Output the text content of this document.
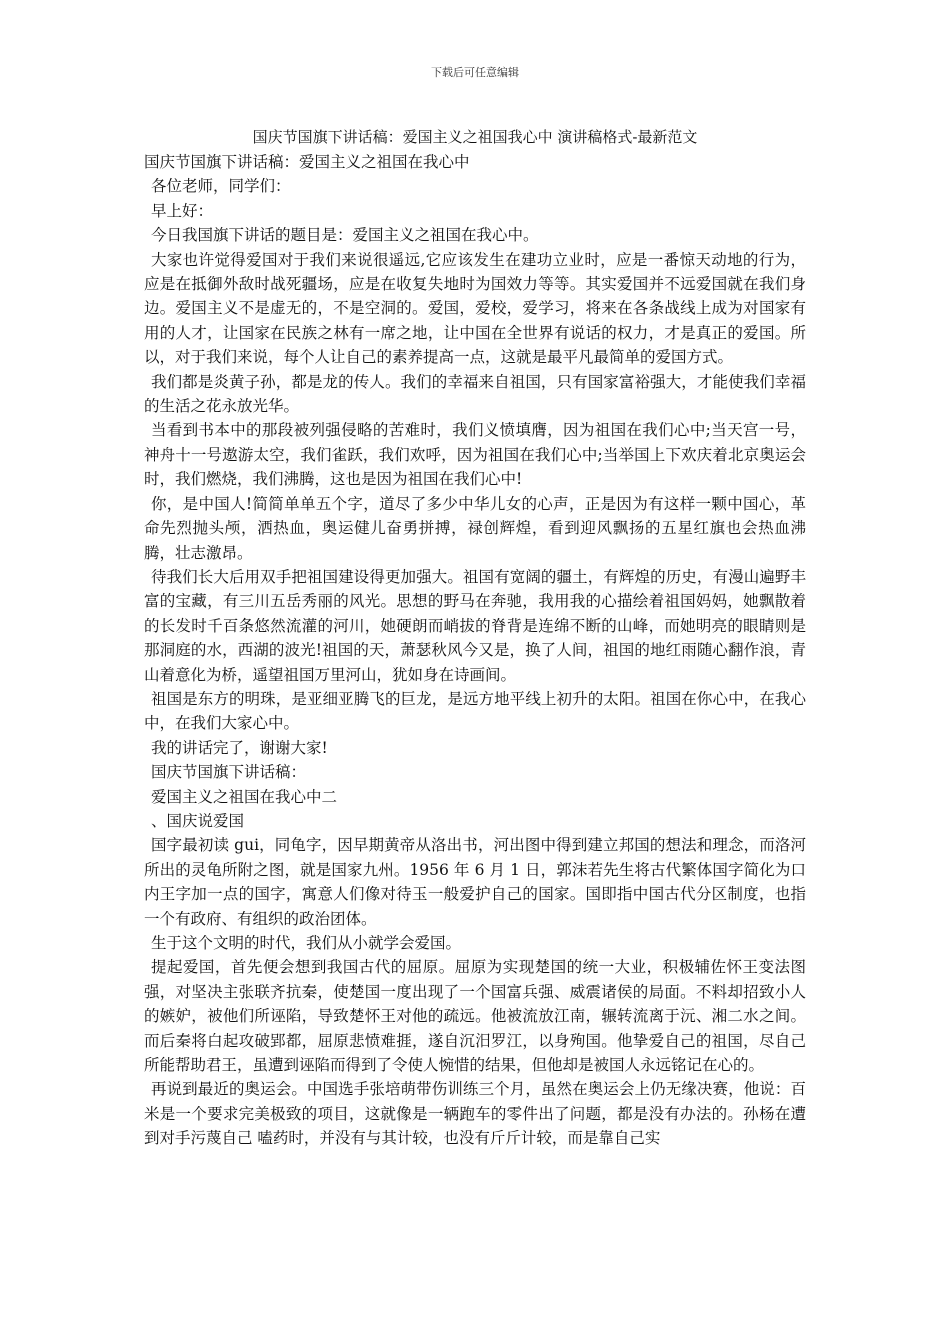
下载后可任意编辑
国庆节国旗下讲话稿：爱国主义之祖国我心中 演讲稿格式-最新范文

国庆节国旗下讲话稿：爱国主义之祖国在我心中

各位老师，同学们：

早上好：

今日我国旗下讲话的题目是：爱国主义之祖国在我心中。

大家也许觉得爱国对于我们来说很遥远,它应该发生在建功立业时，应是一番惊天动地的行为，应是在抵御外敌时战死疆场，应是在收复失地时为国效力等等。其实爱国并不远爱国就在我们身边。爱国主义不是虚无的，不是空洞的。爱国，爱校，爱学习，将来在各条战线上成为对国家有用的人才，让国家在民族之林有一席之地，让中国在全世界有说话的权力，才是真正的爱国。所以，对于我们来说，每个人让自己的素养提高一点，这就是最平凡最简单的爱国方式。

我们都是炎黄子孙，都是龙的传人。我们的幸福来自祖国，只有国家富裕强大，才能使我们幸福的生活之花永放光华。

当看到书本中的那段被列强侵略的苦难时，我们义愤填膺，因为祖国在我们心中;当天宫一号，神舟十一号遨游太空，我们雀跃，我们欢呼，因为祖国在我们心中;当举国上下欢庆着北京奥运会时，我们燃烧，我们沸腾，这也是因为祖国在我们心中!

你，是中国人!简简单单五个字，道尽了多少中华儿女的心声，正是因为有这样一颗中国心，革命先烈抛头颅，洒热血，奥运健儿奋勇拼搏，禄创辉煌，看到迎风飘扬的五星红旗也会热血沸腾，壮志激昂。

待我们长大后用双手把祖国建设得更加强大。祖国有宽阔的疆土，有辉煌的历史，有漫山遍野丰富的宝藏，有三川五岳秀丽的风光。思想的野马在奔驰，我用我的心描绘着祖国妈妈，她飘散着的长发时千百条悠然流灌的河川，她硬朗而峭拔的脊背是连绵不断的山峰，而她明亮的眼睛则是那洞庭的水，西湖的波光!祖国的天，萧瑟秋风今又是，换了人间，祖国的地红雨随心翻作浪，青山着意化为桥，遥望祖国万里河山，犹如身在诗画间。

祖国是东方的明珠，是亚细亚腾飞的巨龙，是远方地平线上初升的太阳。祖国在你心中，在我心中，在我们大家心中。

我的讲话完了，谢谢大家!

国庆节国旗下讲话稿：

爱国主义之祖国在我心中二

、国庆说爱国

国字最初读 gui，同龟字，因早期黄帝从洛出书，河出图中得到建立邦国的想法和理念，而洛河所出的灵龟所附之图，就是国家九州。1956 年 6 月 1 日，郭沫若先生将古代繁体国字简化为口内王字加一点的国字，寓意人们像对待玉一般爱护自己的国家。国即指中国古代分区制度，也指一个有政府、有组织的政治团体。

生于这个文明的时代，我们从小就学会爱国。

提起爱国，首先便会想到我国古代的屈原。屈原为实现楚国的统一大业，积极辅佐怀王变法图强，对坚决主张联齐抗秦，使楚国一度出现了一个国富兵强、威震诸侯的局面。不料却招致小人的嫉妒，被他们所诬陷，导致楚怀王对他的疏远。他被流放江南，辗转流离于沅、湘二水之间。而后秦将白起攻破郢都，屈原悲愤难捱，遂自沉汨罗江，以身殉国。他挚爱自己的祖国，尽自己所能帮助君王，虽遭到诬陷而得到了令使人惋惜的结果，但他却是被国人永远铭记在心的。

再说到最近的奥运会。中国选手张培萌带伤训练三个月，虽然在奥运会上仍无缘决赛，他说：百米是一个要求完美极致的项目，这就像是一辆跑车的零件出了问题，都是没有办法的。孙杨在遭到对手污蔑自己 嗑药时，并没有与其计较，也没有斤斤计较，而是靠自己实
